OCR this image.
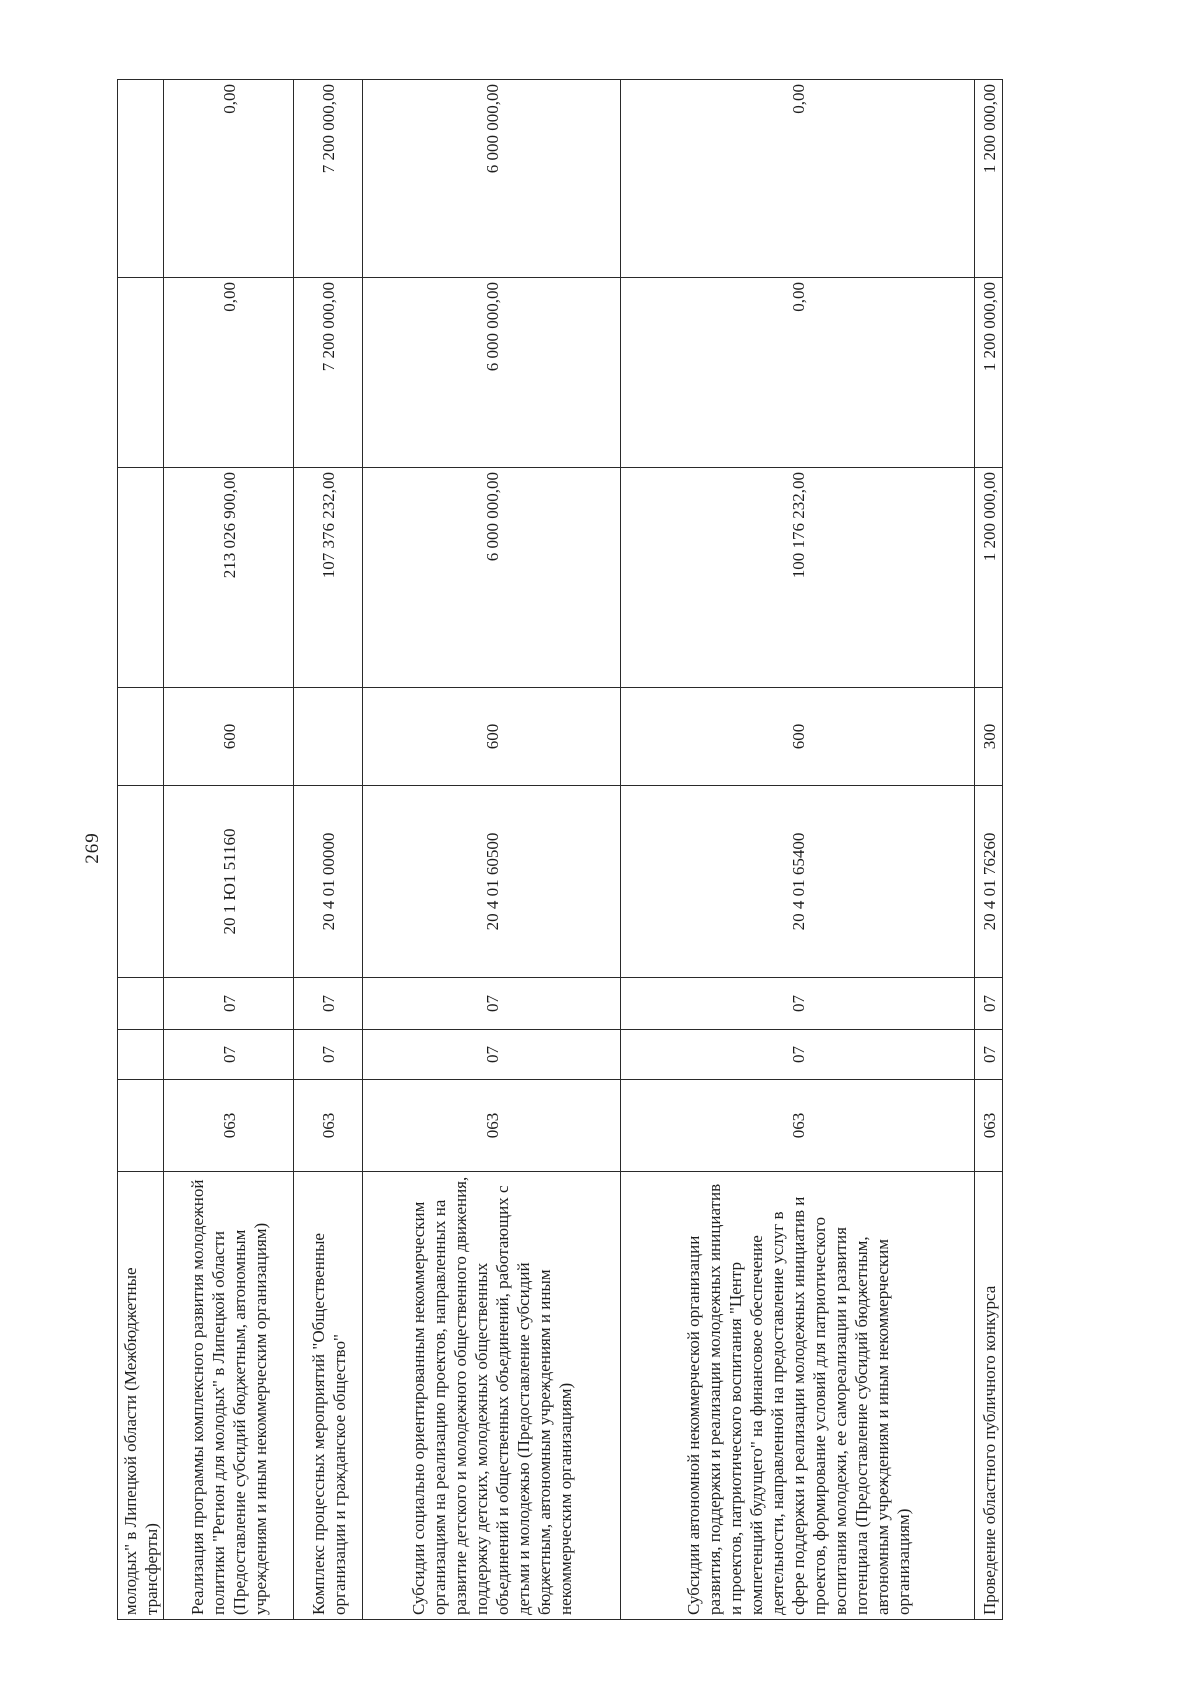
269
молодых" в Липецкой области (Межбюджетные трансферты)								
Реализация программы комплексного развития молодежной политики "Регион для молодых" в Липецкой области (Предоставление субсидий бюджетным, автономным учреждениям и иным некоммерческим организациям)	063	07	07	20 1 Ю1 51160	600	213 026 900,00	0,00	0,00
Комплекс процессных мероприятий "Общественные организации и гражданское общество"	063	07	07	20 4 01 00000		107 376 232,00	7 200 000,00	7 200 000,00
Субсидии социально ориентированным некоммерческим организациям на реализацию проектов, направленных на развитие детского и молодежного общественного движения, поддержку детских, молодежных общественных объединений и общественных объединений, работающих с детьми и молодежью (Предоставление субсидий бюджетным, автономным учреждениям и иным некоммерческим организациям)	063	07	07	20 4 01 60500	600	6 000 000,00	6 000 000,00	6 000 000,00
Субсидии автономной некоммерческой организации развития, поддержки и реализации молодежных инициатив и проектов, патриотического воспитания "Центр компетенций будущего" на финансовое обеспечение деятельности, направленной на предоставление услуг в сфере поддержки и реализации молодежных инициатив и проектов, формирование условий для патриотического воспитания молодежи, ее самореализации и развития потенциала (Предоставление субсидий бюджетным, автономным учреждениям и иным некоммерческим организациям)	063	07	07	20 4 01 65400	600	100 176 232,00	0,00	0,00
Проведение областного публичного конкурса	063	07	07	20 4 01 76260	300	1 200 000,00	1 200 000,00	1 200 000,00
